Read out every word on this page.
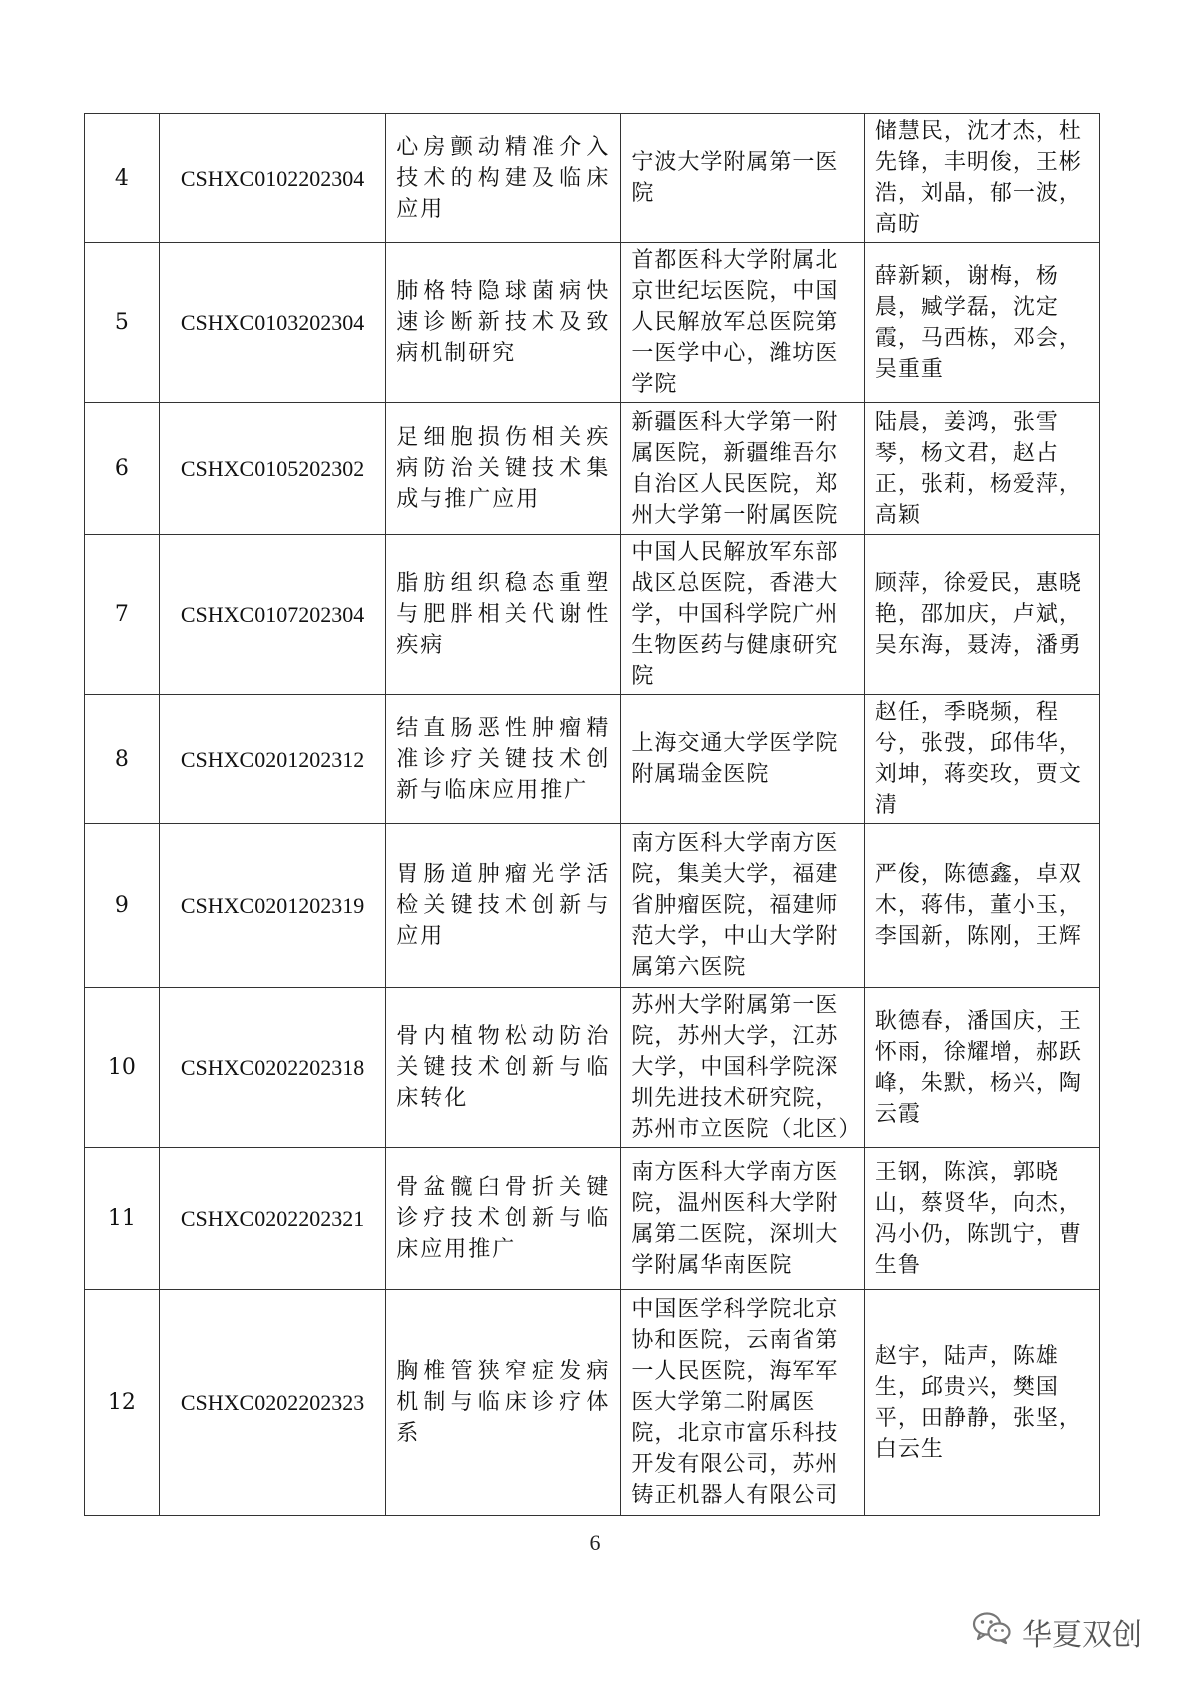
4	CSHXC0102202304	心房颤动精准介入技术的构建及临床应用	宁波大学附属第一医院	储慧民，沈才杰，杜先锋，丰明俊，王彬浩，刘晶，郁一波，高昉
5	CSHXC0103202304	肺格特隐球菌病快速诊断新技术及致病机制研究	首都医科大学附属北京世纪坛医院，中国人民解放军总医院第一医学中心，潍坊医学院	薛新颖，谢梅，杨晨，臧学磊，沈定霞，马西栋，邓会，吴重重
6	CSHXC0105202302	足细胞损伤相关疾病防治关键技术集成与推广应用	新疆医科大学第一附属医院，新疆维吾尔自治区人民医院，郑州大学第一附属医院	陆晨，姜鸿，张雪琴，杨文君，赵占正，张莉，杨爱萍，高颖
7	CSHXC0107202304	脂肪组织稳态重塑与肥胖相关代谢性疾病	中国人民解放军东部战区总医院，香港大学，中国科学院广州生物医药与健康研究院	顾萍，徐爱民，惠晓艳，邵加庆，卢斌，吴东海，聂涛，潘勇
8	CSHXC0201202312	结直肠恶性肿瘤精准诊疗关键技术创新与临床应用推广	上海交通大学医学院附属瑞金医院	赵任，季晓频，程兮，张弢，邱伟华，刘坤，蒋奕玫，贾文清
9	CSHXC0201202319	胃肠道肿瘤光学活检关键技术创新与应用	南方医科大学南方医院，集美大学，福建省肿瘤医院，福建师范大学，中山大学附属第六医院	严俊，陈德鑫，卓双木，蒋伟，董小玉，李国新，陈刚，王辉
10	CSHXC0202202318	骨内植物松动防治关键技术创新与临床转化	苏州大学附属第一医院，苏州大学，江苏大学，中国科学院深圳先进技术研究院，苏州市立医院（北区）	耿德春，潘国庆，王怀雨，徐耀增，郝跃峰，朱默，杨兴，陶云霞
11	CSHXC0202202321	骨盆髋臼骨折关键诊疗技术创新与临床应用推广	南方医科大学南方医院，温州医科大学附属第二医院，深圳大学附属华南医院	王钢，陈滨，郭晓山，蔡贤华，向杰，冯小仍，陈凯宁，曹生鲁
12	CSHXC0202202323	胸椎管狭窄症发病机制与临床诊疗体系	中国医学科学院北京协和医院，云南省第一人民医院，海军军医大学第二附属医院，北京市富乐科技开发有限公司，苏州铸正机器人有限公司	赵宇，陆声，陈雄生，邱贵兴，樊国平，田静静，张坚，白云生
6
华夏双创
